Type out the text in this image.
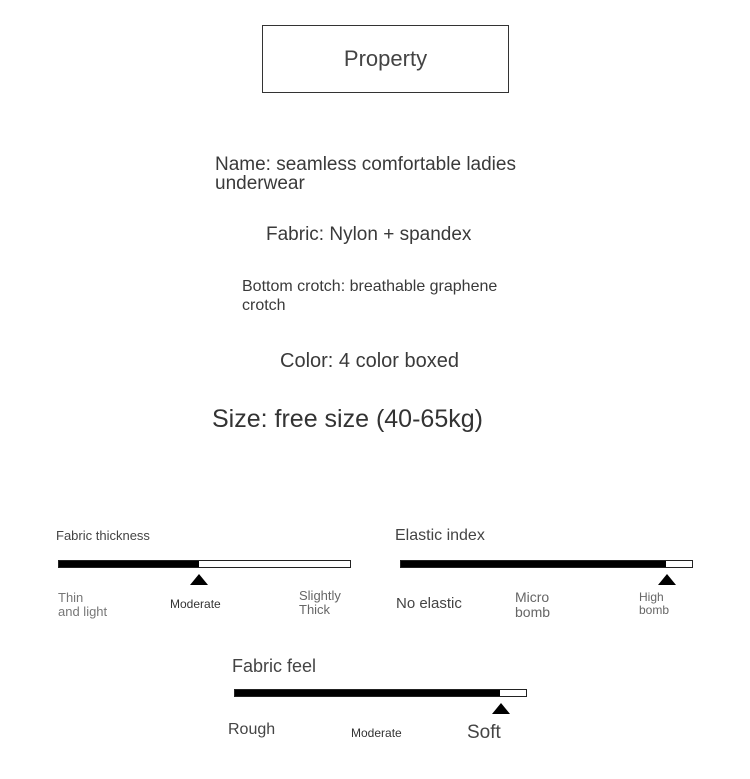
Property
Name: seamless comfortable ladies
underwear
Fabric: Nylon + spandex
Bottom crotch: breathable graphene
crotch
Color: 4 color boxed
Size: free size (40-65kg)
Fabric thickness
Thin
and light	Moderate
Slightly
Thick
Elastic index
No elastic	Micro
bomb
High
bomb
Fabric feel
Rough	Moderate	Soft
